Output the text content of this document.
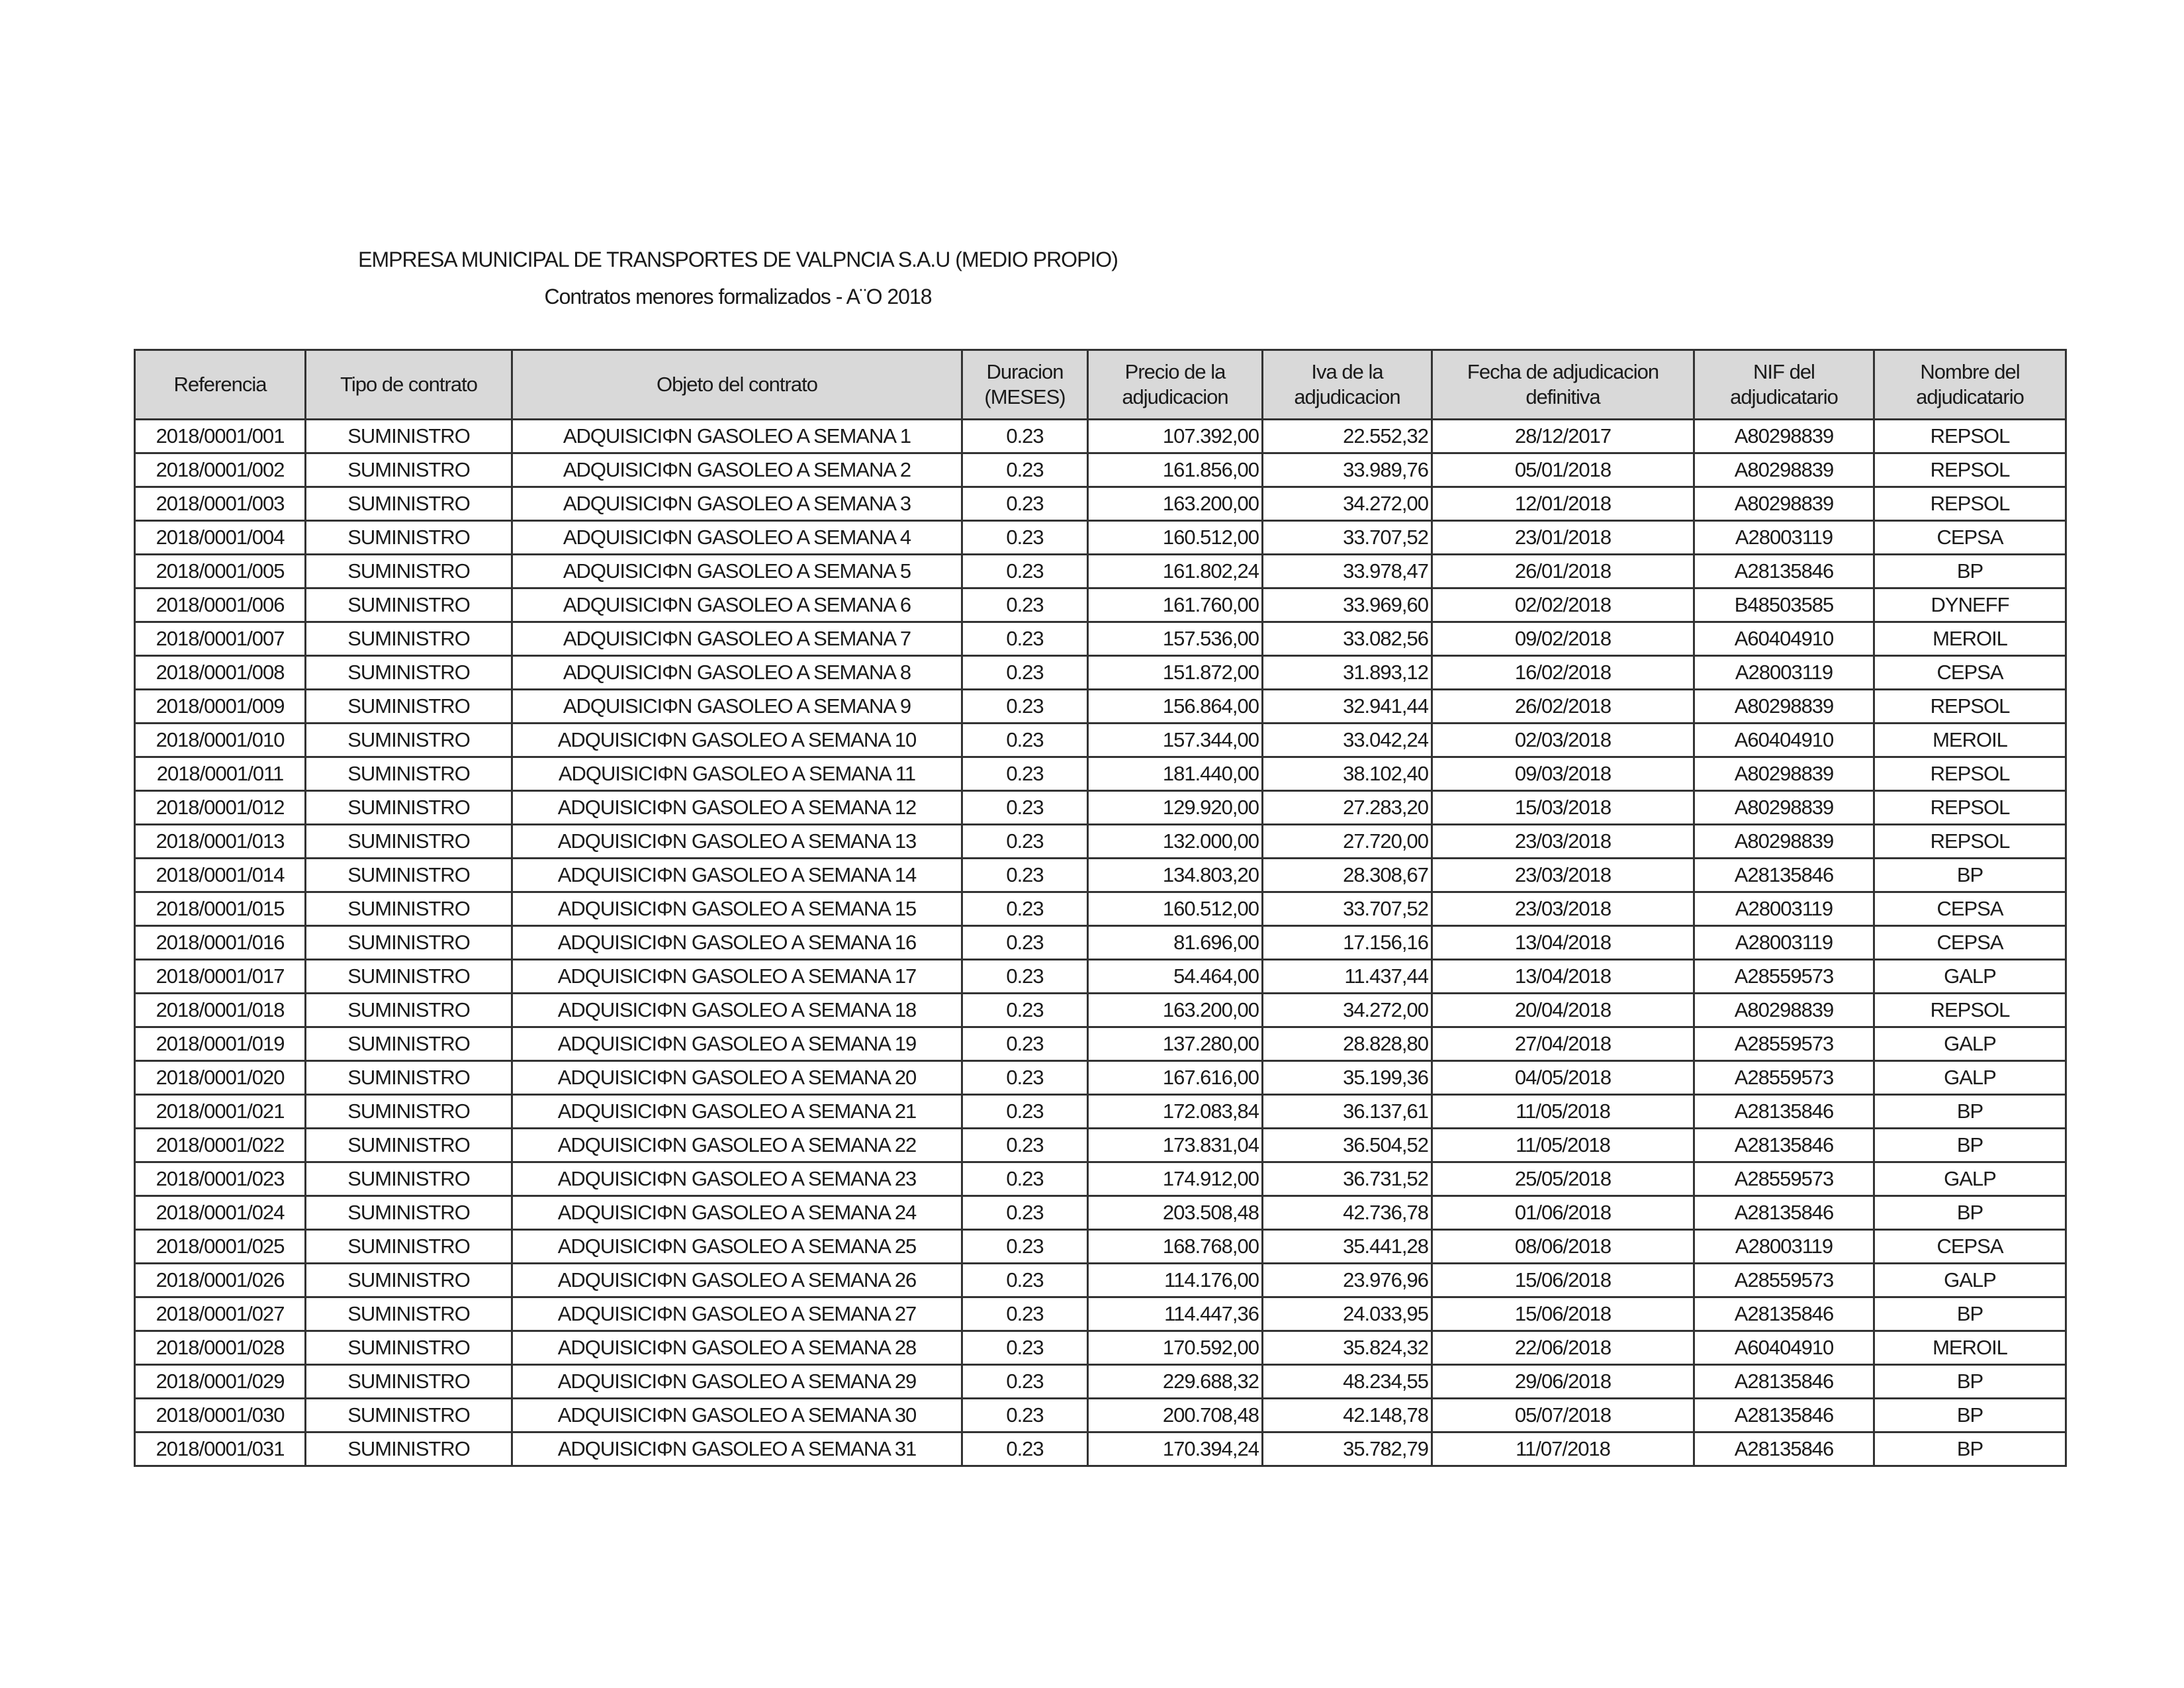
EMPRESA MUNICIPAL DE TRANSPORTES DE VALPNCIA S.A.U (MEDIO PROPIO)
Contratos menores formalizados - A¨O 2018
Referencia	Tipo de contrato	Objeto del contrato	Duracion (MESES)	Precio de la adjudicacion	Iva de la adjudicacion	Fecha de adjudicacion definitiva	NIF del adjudicatario	Nombre del adjudicatario
2018/0001/001	SUMINISTRO	ADQUISICIΦN GASOLEO A SEMANA 1	0.23	107.392,00	22.552,32	28/12/2017	A80298839	REPSOL
2018/0001/002	SUMINISTRO	ADQUISICIΦN GASOLEO A SEMANA 2	0.23	161.856,00	33.989,76	05/01/2018	A80298839	REPSOL
2018/0001/003	SUMINISTRO	ADQUISICIΦN GASOLEO A SEMANA 3	0.23	163.200,00	34.272,00	12/01/2018	A80298839	REPSOL
2018/0001/004	SUMINISTRO	ADQUISICIΦN GASOLEO A SEMANA 4	0.23	160.512,00	33.707,52	23/01/2018	A28003119	CEPSA
2018/0001/005	SUMINISTRO	ADQUISICIΦN GASOLEO A SEMANA 5	0.23	161.802,24	33.978,47	26/01/2018	A28135846	BP
2018/0001/006	SUMINISTRO	ADQUISICIΦN GASOLEO A SEMANA 6	0.23	161.760,00	33.969,60	02/02/2018	B48503585	DYNEFF
2018/0001/007	SUMINISTRO	ADQUISICIΦN GASOLEO A SEMANA 7	0.23	157.536,00	33.082,56	09/02/2018	A60404910	MEROIL
2018/0001/008	SUMINISTRO	ADQUISICIΦN GASOLEO A SEMANA 8	0.23	151.872,00	31.893,12	16/02/2018	A28003119	CEPSA
2018/0001/009	SUMINISTRO	ADQUISICIΦN GASOLEO A SEMANA 9	0.23	156.864,00	32.941,44	26/02/2018	A80298839	REPSOL
2018/0001/010	SUMINISTRO	ADQUISICIΦN GASOLEO A SEMANA 10	0.23	157.344,00	33.042,24	02/03/2018	A60404910	MEROIL
2018/0001/011	SUMINISTRO	ADQUISICIΦN GASOLEO A SEMANA 11	0.23	181.440,00	38.102,40	09/03/2018	A80298839	REPSOL
2018/0001/012	SUMINISTRO	ADQUISICIΦN GASOLEO A SEMANA 12	0.23	129.920,00	27.283,20	15/03/2018	A80298839	REPSOL
2018/0001/013	SUMINISTRO	ADQUISICIΦN GASOLEO A SEMANA 13	0.23	132.000,00	27.720,00	23/03/2018	A80298839	REPSOL
2018/0001/014	SUMINISTRO	ADQUISICIΦN GASOLEO A SEMANA 14	0.23	134.803,20	28.308,67	23/03/2018	A28135846	BP
2018/0001/015	SUMINISTRO	ADQUISICIΦN GASOLEO A SEMANA 15	0.23	160.512,00	33.707,52	23/03/2018	A28003119	CEPSA
2018/0001/016	SUMINISTRO	ADQUISICIΦN GASOLEO A SEMANA 16	0.23	81.696,00	17.156,16	13/04/2018	A28003119	CEPSA
2018/0001/017	SUMINISTRO	ADQUISICIΦN GASOLEO A SEMANA 17	0.23	54.464,00	11.437,44	13/04/2018	A28559573	GALP
2018/0001/018	SUMINISTRO	ADQUISICIΦN GASOLEO A SEMANA 18	0.23	163.200,00	34.272,00	20/04/2018	A80298839	REPSOL
2018/0001/019	SUMINISTRO	ADQUISICIΦN GASOLEO A SEMANA 19	0.23	137.280,00	28.828,80	27/04/2018	A28559573	GALP
2018/0001/020	SUMINISTRO	ADQUISICIΦN GASOLEO A SEMANA 20	0.23	167.616,00	35.199,36	04/05/2018	A28559573	GALP
2018/0001/021	SUMINISTRO	ADQUISICIΦN GASOLEO A SEMANA 21	0.23	172.083,84	36.137,61	11/05/2018	A28135846	BP
2018/0001/022	SUMINISTRO	ADQUISICIΦN GASOLEO A SEMANA 22	0.23	173.831,04	36.504,52	11/05/2018	A28135846	BP
2018/0001/023	SUMINISTRO	ADQUISICIΦN GASOLEO A SEMANA 23	0.23	174.912,00	36.731,52	25/05/2018	A28559573	GALP
2018/0001/024	SUMINISTRO	ADQUISICIΦN GASOLEO A SEMANA 24	0.23	203.508,48	42.736,78	01/06/2018	A28135846	BP
2018/0001/025	SUMINISTRO	ADQUISICIΦN GASOLEO A SEMANA 25	0.23	168.768,00	35.441,28	08/06/2018	A28003119	CEPSA
2018/0001/026	SUMINISTRO	ADQUISICIΦN GASOLEO A SEMANA 26	0.23	114.176,00	23.976,96	15/06/2018	A28559573	GALP
2018/0001/027	SUMINISTRO	ADQUISICIΦN GASOLEO A SEMANA 27	0.23	114.447,36	24.033,95	15/06/2018	A28135846	BP
2018/0001/028	SUMINISTRO	ADQUISICIΦN GASOLEO A SEMANA 28	0.23	170.592,00	35.824,32	22/06/2018	A60404910	MEROIL
2018/0001/029	SUMINISTRO	ADQUISICIΦN GASOLEO A SEMANA 29	0.23	229.688,32	48.234,55	29/06/2018	A28135846	BP
2018/0001/030	SUMINISTRO	ADQUISICIΦN GASOLEO A SEMANA 30	0.23	200.708,48	42.148,78	05/07/2018	A28135846	BP
2018/0001/031	SUMINISTRO	ADQUISICIΦN GASOLEO A SEMANA 31	0.23	170.394,24	35.782,79	11/07/2018	A28135846	BP
